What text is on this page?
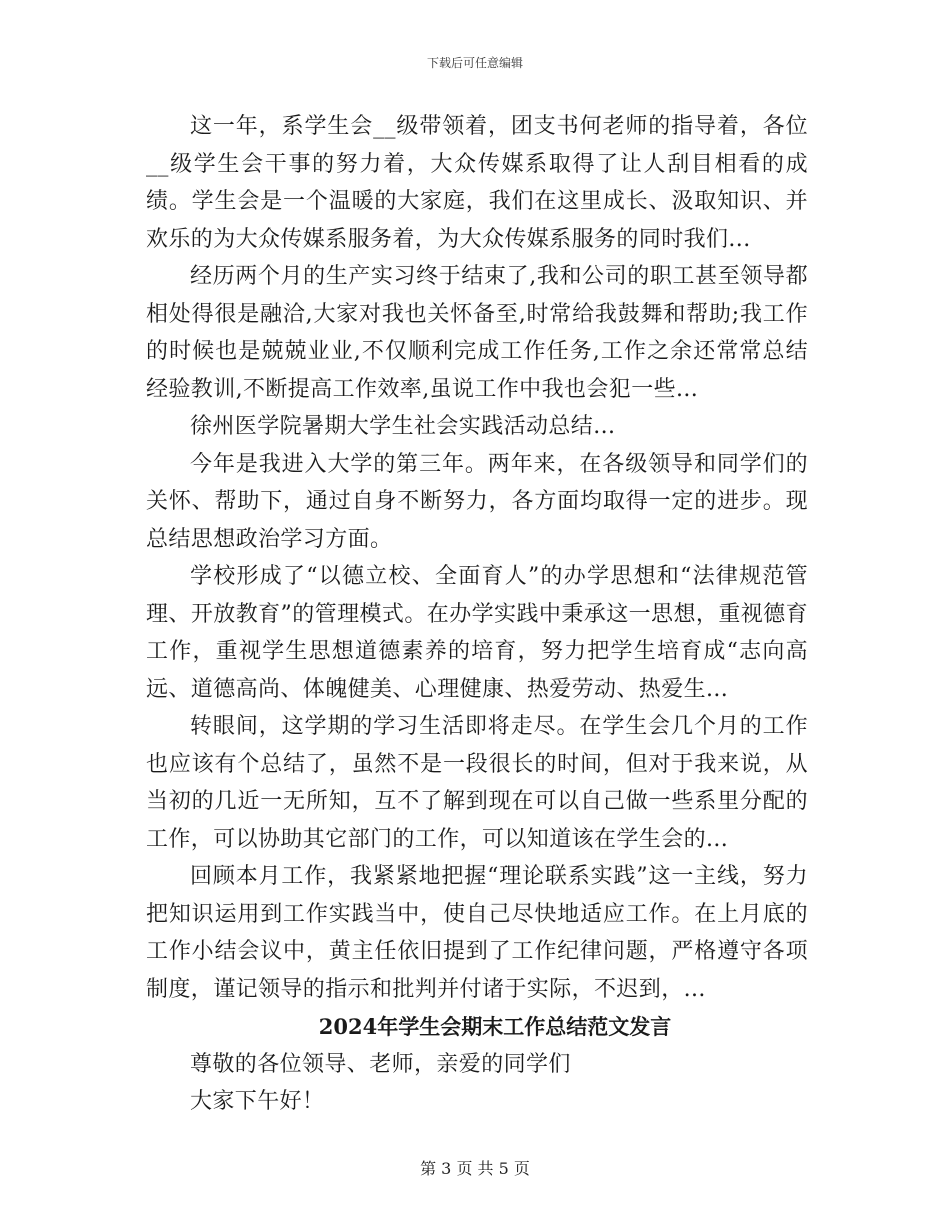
下载后可任意编辑

这一年，系学生会__级带领着，团支书何老师的指导着，各位__级学生会干事的努力着，大众传媒系取得了让人刮目相看的成绩。学生会是一个温暖的大家庭，我们在这里成长、汲取知识、并欢乐的为大众传媒系服务着，为大众传媒系服务的同时我们...

经历两个月的生产实习终于结束了,我和公司的职工甚至领导都相处得很是融洽,大家对我也关怀备至,时常给我鼓舞和帮助;我工作的时候也是兢兢业业,不仅顺利完成工作任务,工作之余还常常总结经验教训,不断提高工作效率,虽说工作中我也会犯一些...

徐州医学院暑期大学生社会实践活动总结...

今年是我进入大学的第三年。两年来，在各级领导和同学们的关怀、帮助下，通过自身不断努力，各方面均取得一定的进步。现总结思想政治学习方面。

学校形成了“以德立校、全面育人”的办学思想和“法律规范管理、开放教育”的管理模式。在办学实践中秉承这一思想，重视德育工作，重视学生思想道德素养的培育，努力把学生培育成“志向高远、道德高尚、体魄健美、心理健康、热爱劳动、热爱生...

转眼间，这学期的学习生活即将走尽。在学生会几个月的工作也应该有个总结了，虽然不是一段很长的时间，但对于我来说，从当初的几近一无所知，互不了解到现在可以自己做一些系里分配的工作，可以协助其它部门的工作，可以知道该在学生会的...

回顾本月工作，我紧紧地把握“理论联系实践”这一主线，努力把知识运用到工作实践当中，使自己尽快地适应工作。在上月底的工作小结会议中，黄主任依旧提到了工作纪律问题，严格遵守各项制度，谨记领导的指示和批判并付诸于实际，不迟到，...

2024年学生会期末工作总结范文发言

尊敬的各位领导、老师，亲爱的同学们

大家下午好！

第 3 页 共 5 页
